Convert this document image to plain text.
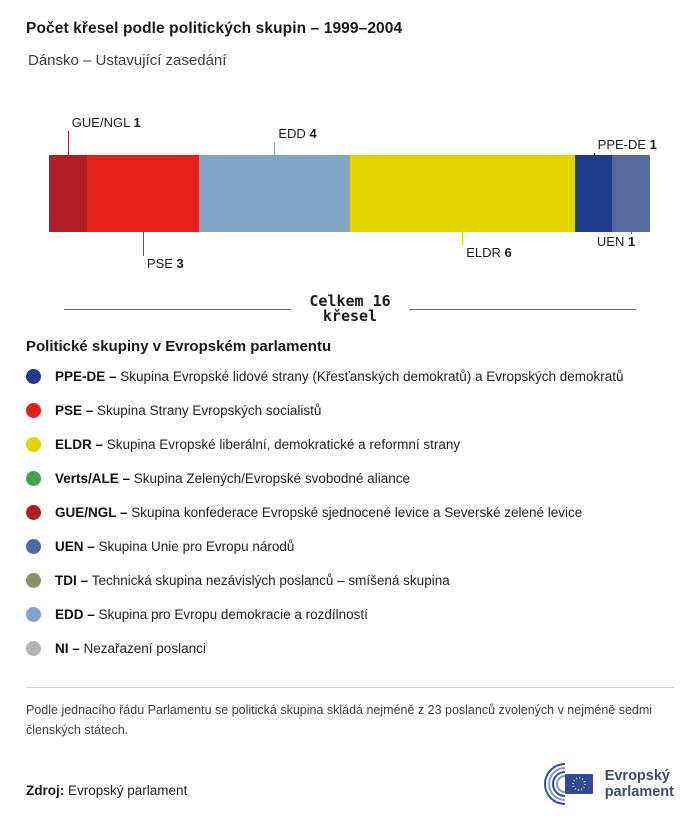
Počet křesel podle politických skupin – 1999–2004
Dánsko – Ustavující zasedání
GUE/NGL 1
PSE 3
EDD 4
ELDR 6
PPE-DE 1
UEN 1
Celkem 16
křesel
Politické skupiny v Evropském parlamentu
PPE-DE – Skupina Evropské lidové strany (Křesťanských demokratů) a Evropských demokratů
PSE – Skupina Strany Evropských socialistů
ELDR – Skupina Evropské liberální, demokratické a reformní strany
Verts/ALE – Skupina Zelených/Evropské svobodné aliance
GUE/NGL – Skupina konfederace Evropské sjednocené levice a Severské zelené levice
UEN – Skupina Unie pro Evropu národů
TDI – Technická skupina nezávislých poslanců – smíšená skupina
EDD – Skupina pro Evropu demokracie a rozdílností
NI – Nezařazení poslanci

Podle jednacího řádu Parlamentu se politická skupina skládá nejméně z 23 poslanců zvolených v nejméně sedmi členských státech.

Zdroj: Evropský parlament

Evropský
parlament
